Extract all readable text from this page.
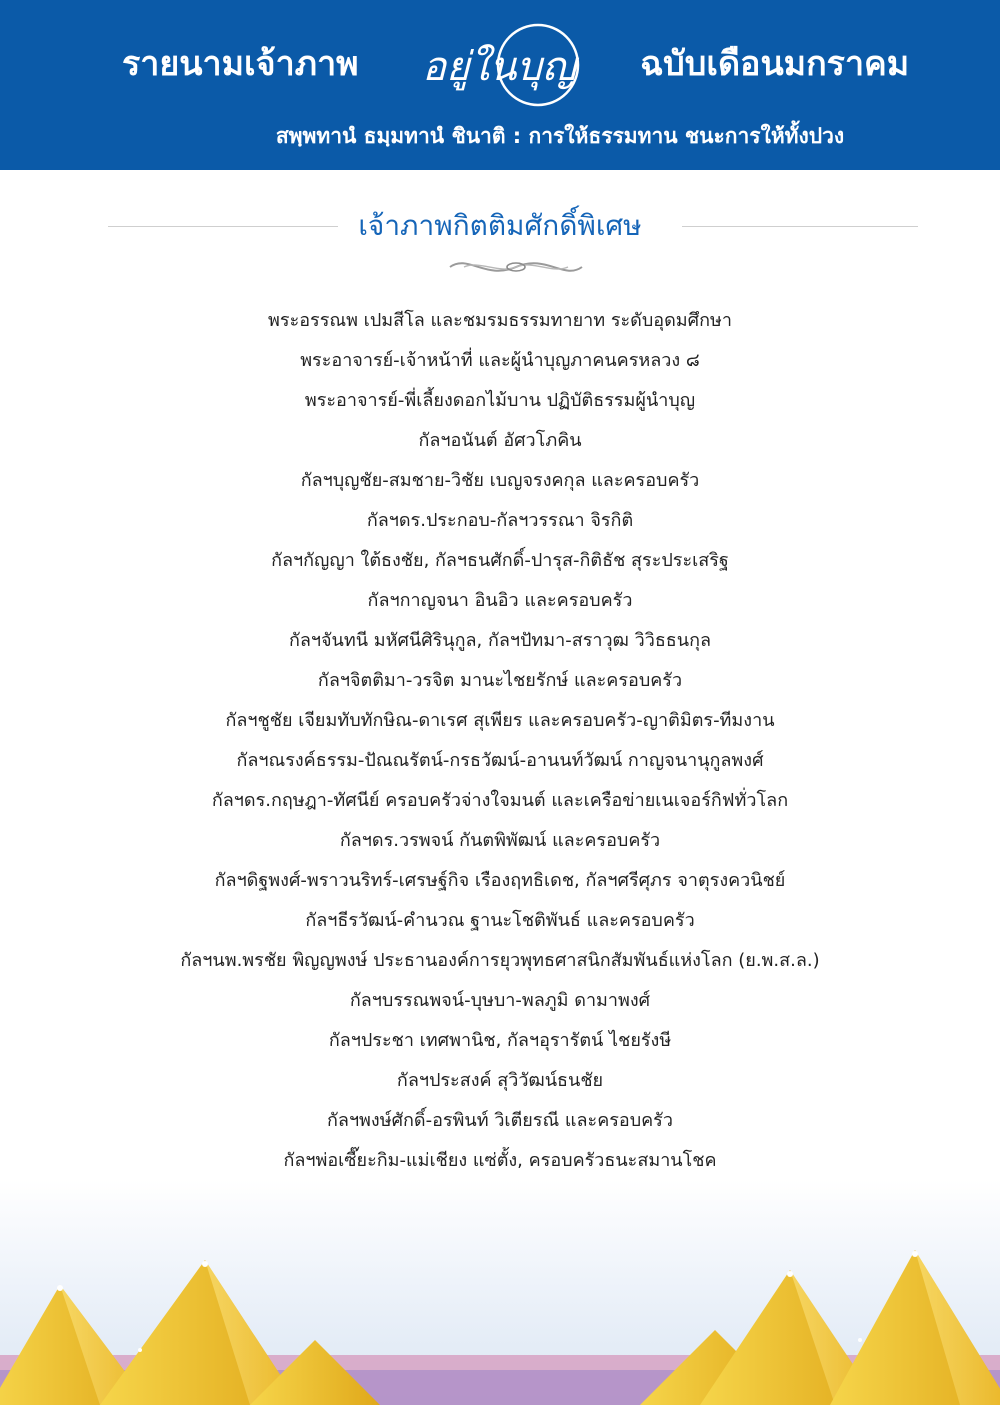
รายนามเจ้าภาพ อยู่ในบุญ ฉบับเดือนมกราคม
สพฺพทานํ ธมฺมทานํ ชินาติ : การให้ธรรมทาน ชนะการให้ทั้งปวง
เจ้าภาพกิตติมศักดิ์พิเศษ
พระอรรณพ เปมสีโล และชมรมธรรมทายาท ระดับอุดมศึกษา
พระอาจารย์-เจ้าหน้าที่ และผู้นำบุญภาคนครหลวง ๘
พระอาจารย์-พี่เลี้ยงดอกไม้บาน ปฏิบัติธรรมผู้นำบุญ
กัลฯอนันต์ อัศวโภคิน
กัลฯบุญชัย-สมชาย-วิชัย เบญจรงคกุล และครอบครัว
กัลฯดร.ประกอบ-กัลฯวรรณา จิรกิติ
กัลฯกัญญา ใต้ธงชัย, กัลฯธนศักดิ์-ปารุส-กิติธัช สุระประเสริฐ
กัลฯกาญจนา อินอิว และครอบครัว
กัลฯจันทนี มหัศนีศิรินุกูล, กัลฯปัทมา-สราวุฒ วิวิธธนกุล
กัลฯจิตติมา-วรจิต มานะไชยรักษ์ และครอบครัว
กัลฯชูชัย เจียมทับทักษิณ-ดาเรศ สุเพียร และครอบครัว-ญาติมิตร-ทีมงาน
กัลฯณรงค์ธรรม-ปัณณรัตน์-กรธวัฒน์-อานนท์วัฒน์ กาญจนานุกูลพงศ์
กัลฯดร.กฤษฎา-ทัศนีย์ ครอบครัวจ่างใจมนต์ และเครือข่ายเนเจอร์กิฟทั่วโลก
กัลฯดร.วรพจน์ กันตพิพัฒน์ และครอบครัว
กัลฯดิฐพงศ์-พราวนริทร์-เศรษฐ์กิจ เรืองฤทธิเดช, กัลฯศรีศุภร จาตุรงควนิชย์
กัลฯธีรวัฒน์-คำนวณ ฐานะโชติพันธ์ และครอบครัว
กัลฯนพ.พรชัย พิญญพงษ์ ประธานองค์การยุวพุทธศาสนิกสัมพันธ์แห่งโลก (ย.พ.ส.ล.)
กัลฯบรรณพจน์-บุษบา-พลภูมิ ดามาพงศ์
กัลฯประชา เทศพานิช, กัลฯอุรารัตน์ ไชยรังษี
กัลฯประสงค์ สุวิวัฒน์ธนชัย
กัลฯพงษ์ศักดิ์-อรพินท์ วิเตียรณี และครอบครัว
กัลฯพ่อเซี๊ยะกิม-แม่เชียง แซ่ตั้ง, ครอบครัวธนะสมานโชค
